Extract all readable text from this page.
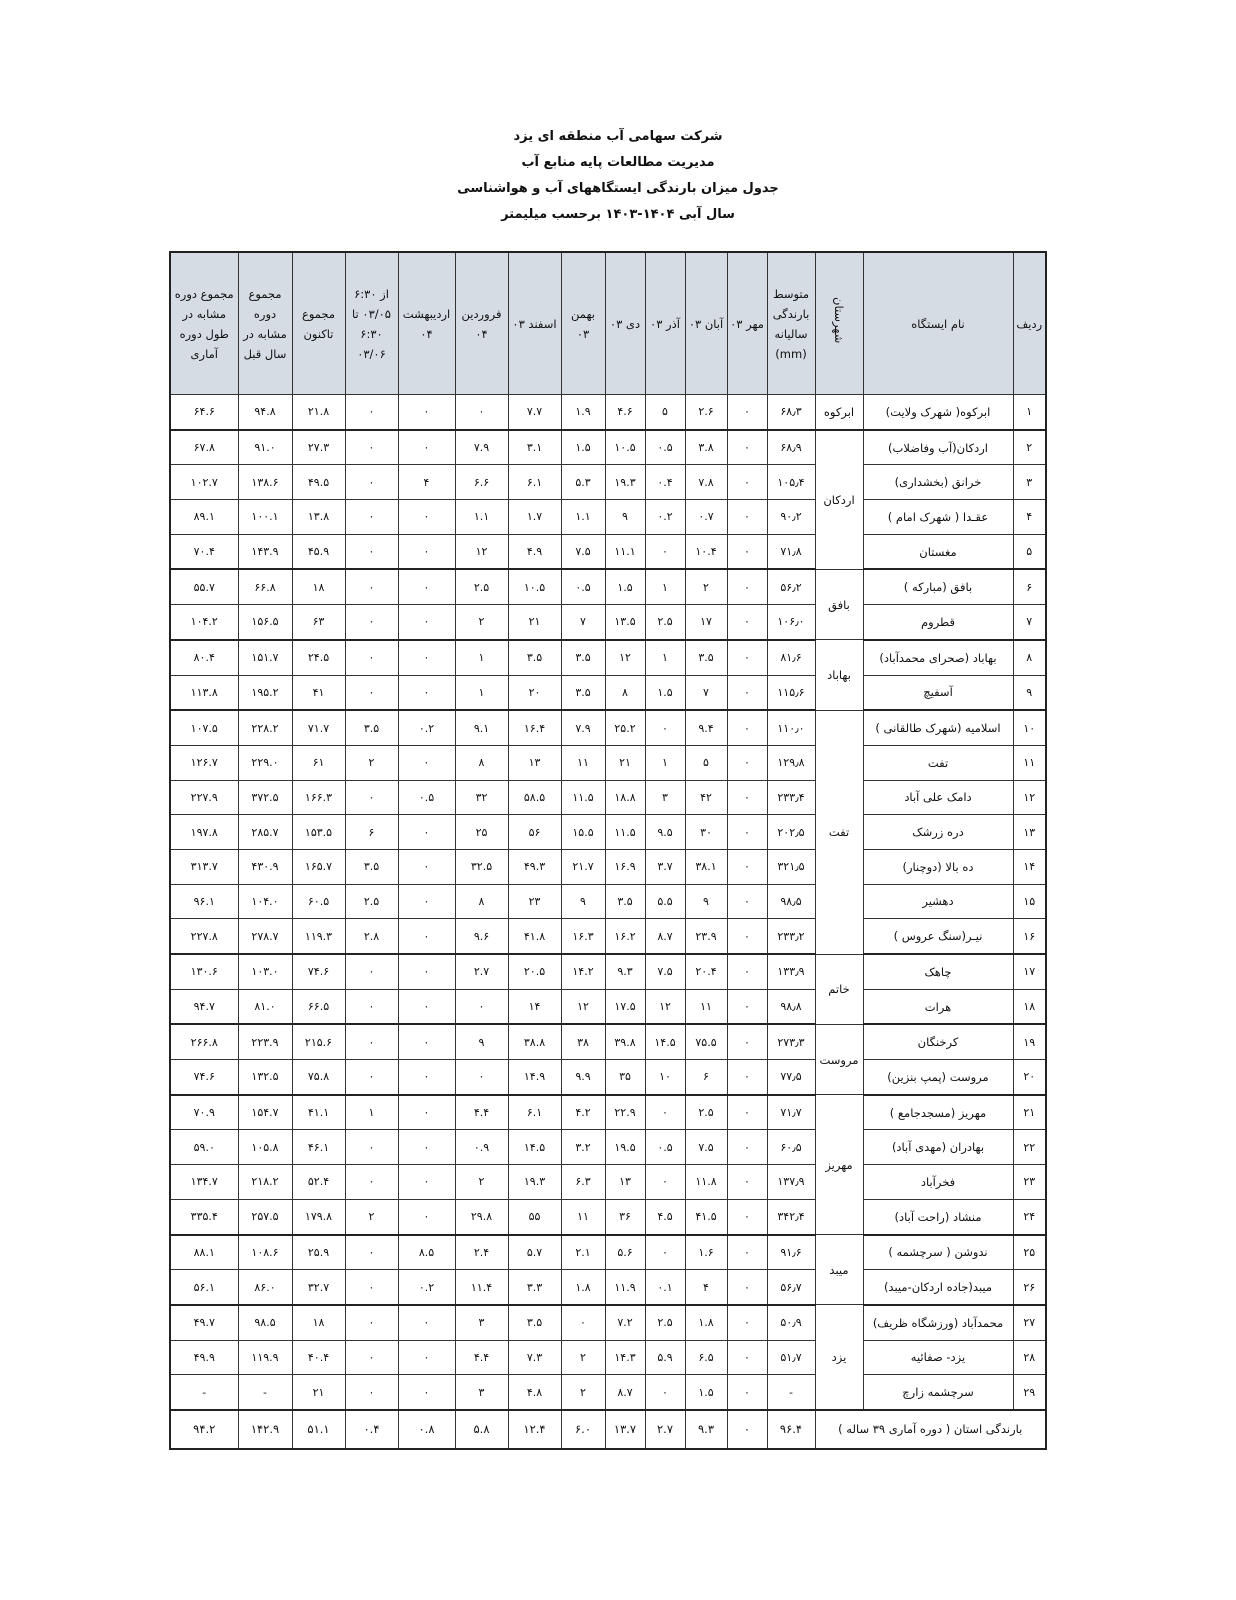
شرکت سهامی آب منطقه ای یزد
مدیریت مطالعات پایه منابع آب
جدول میزان بارندگی ایستگاههای آب و هواشناسی
سال آبی ۱۴۰۴-۱۴۰۳ برحسب میلیمتر
ردیف	نام ایستگاه	شهرستان	متوسط بارندگی سالیانه (mm)	مهر ۰۳	آبان ۰۳	آذر ۰۳	دی ۰۳	بهمن ۰۳	اسفند ۰۳	فروردین ۰۴	اردیبهشت ۰۴	از ۶:۳۰ ۰۳/۰۵ تا ۶:۳۰ ۰۳/۰۶	مجموع تاکنون	مجموع دوره مشابه در سال قبل	مجموع دوره مشابه در طول دوره آماری

۱	ابرکوه( شهرک ولایت)	ابرکوه	۶۸٫۳	۰	۲.۶	۵	۴.۶	۱.۹	۷.۷	۰	۰	۰	۲۱.۸	۹۴.۸	۶۴.۶
۲	اردکان(آب وفاضلاب)	اردکان	۶۸٫۹	۰	۳.۸	۰.۵	۱۰.۵	۱.۵	۳.۱	۷.۹	۰	۰	۲۷.۳	۹۱.۰	۶۷.۸
۳	خرانق (بخشداری)		۱۰۵٫۴	۰	۷.۸	۰.۴	۱۹.۳	۵.۳	۶.۱	۶.۶	۴	۰	۴۹.۵	۱۳۸.۶	۱۰۲.۷
۴	عقـدا ( شهرک امام )		۹۰٫۲	۰	۰.۷	۰.۲	۹	۱.۱	۱.۷	۱.۱	۰	۰	۱۳.۸	۱۰۰.۱	۸۹.۱
۵	مغستان		۷۱٫۸	۰	۱۰.۴	۰	۱۱.۱	۷.۵	۴.۹	۱۲	۰	۰	۴۵.۹	۱۴۳.۹	۷۰.۴
۶	بافق (مبارکه )	بافق	۵۶٫۲	۰	۲	۱	۱.۵	۰.۵	۱۰.۵	۲.۵	۰	۰	۱۸	۶۶.۸	۵۵.۷
۷	قطروم		۱۰۶٫۰	۰	۱۷	۲.۵	۱۳.۵	۷	۲۱	۲	۰	۰	۶۳	۱۵۶.۵	۱۰۴.۲
۸	بهاباد (صحرای محمدآباد)	بهاباد	۸۱٫۶	۰	۳.۵	۱	۱۲	۳.۵	۳.۵	۱	۰	۰	۲۴.۵	۱۵۱.۷	۸۰.۴
۹	آسفیچ		۱۱۵٫۶	۰	۷	۱.۵	۸	۳.۵	۲۰	۱	۰	۰	۴۱	۱۹۵.۲	۱۱۳.۸
۱۰	اسلامیه (شهرک طالقانی )	تفت	۱۱۰٫۰	۰	۹.۴	۰	۲۵.۲	۷.۹	۱۶.۴	۹.۱	۰.۲	۳.۵	۷۱.۷	۲۲۸.۲	۱۰۷.۵
۱۱	تفت		۱۲۹٫۸	۰	۵	۱	۲۱	۱۱	۱۳	۸	۰	۲	۶۱	۲۲۹.۰	۱۲۶.۷
۱۲	دامک علی آباد		۲۳۳٫۴	۰	۴۲	۳	۱۸.۸	۱۱.۵	۵۸.۵	۳۲	۰.۵	۰	۱۶۶.۳	۳۷۲.۵	۲۲۷.۹
۱۳	دره زرشک		۲۰۲٫۵	۰	۳۰	۹.۵	۱۱.۵	۱۵.۵	۵۶	۲۵	۰	۶	۱۵۳.۵	۲۸۵.۷	۱۹۷.۸
۱۴	ده بالا (دوچنار)		۳۲۱٫۵	۰	۳۸.۱	۳.۷	۱۶.۹	۲۱.۷	۴۹.۳	۳۲.۵	۰	۳.۵	۱۶۵.۷	۴۳۰.۹	۳۱۳.۷
۱۵	دهشیر		۹۸٫۵	۰	۹	۵.۵	۳.۵	۹	۲۳	۸	۰	۲.۵	۶۰.۵	۱۰۴.۰	۹۶.۱
۱۶	نیـر(سنگ عروس )		۲۳۳٫۲	۰	۲۳.۹	۸.۷	۱۶.۲	۱۶.۳	۴۱.۸	۹.۶	۰	۲.۸	۱۱۹.۳	۲۷۸.۷	۲۲۷.۸
۱۷	چاهک	خاتم	۱۳۳٫۹	۰	۲۰.۴	۷.۵	۹.۳	۱۴.۲	۲۰.۵	۲.۷	۰	۰	۷۴.۶	۱۰۳.۰	۱۳۰.۶
۱۸	هرات		۹۸٫۸	۰	۱۱	۱۲	۱۷.۵	۱۲	۱۴	۰	۰	۰	۶۶.۵	۸۱.۰	۹۴.۷
۱۹	کرخنگان	مروست	۲۷۳٫۳	۰	۷۵.۵	۱۴.۵	۳۹.۸	۳۸	۳۸.۸	۹	۰	۰	۲۱۵.۶	۲۲۳.۹	۲۶۶.۸
۲۰	مروست (پمپ بنزین)		۷۷٫۵	۰	۶	۱۰	۳۵	۹.۹	۱۴.۹	۰	۰	۰	۷۵.۸	۱۳۲.۵	۷۴.۶
۲۱	مهریز (مسجدجامع )	مهریز	۷۱٫۷	۰	۲.۵	۰	۲۲.۹	۴.۲	۶.۱	۴.۴	۰	۱	۴۱.۱	۱۵۴.۷	۷۰.۹
۲۲	بهادران (مهدی آباد)		۶۰٫۵	۰	۷.۵	۰.۵	۱۹.۵	۳.۲	۱۴.۵	۰.۹	۰	۰	۴۶.۱	۱۰۵.۸	۵۹.۰
۲۳	فخرآباد		۱۳۷٫۹	۰	۱۱.۸	۰	۱۳	۶.۳	۱۹.۳	۲	۰	۰	۵۲.۴	۲۱۸.۲	۱۳۴.۷
۲۴	منشاد (راحت آباد)		۳۴۲٫۴	۰	۴۱.۵	۴.۵	۳۶	۱۱	۵۵	۲۹.۸	۰	۲	۱۷۹.۸	۲۵۷.۵	۳۳۵.۴
۲۵	ندوشن ( سرچشمه )	میبد	۹۱٫۶	۰	۱.۶	۰	۵.۶	۲.۱	۵.۷	۲.۴	۸.۵	۰	۲۵.۹	۱۰۸.۶	۸۸.۱
۲۶	میبد(جاده اردکان-میبد)		۵۶٫۷	۰	۴	۰.۱	۱۱.۹	۱.۸	۳.۳	۱۱.۴	۰.۲	۰	۳۲.۷	۸۶.۰	۵۶.۱
۲۷	محمدآباد (ورزشگاه ظریف)	یزد	۵۰٫۹	۰	۱.۸	۲.۵	۷.۲	۰	۳.۵	۳	۰	۰	۱۸	۹۸.۵	۴۹.۷
۲۸	یزد- صفائیه		۵۱٫۷	۰	۶.۵	۵.۹	۱۴.۳	۲	۷.۳	۴.۴	۰	۰	۴۰.۴	۱۱۹.۹	۴۹.۹
۲۹	سرچشمه زارچ		-	۰	۱.۵	۰	۸.۷	۲	۴.۸	۳	۰	۰	۲۱	-	-
بارندگی استان ( دوره آماری ۳۹ ساله )			۹۶.۴	۰	۹.۳	۲.۷	۱۳.۷	۶.۰	۱۲.۴	۵.۸	۰.۸	۰.۴	۵۱.۱	۱۴۲.۹	۹۴.۲
